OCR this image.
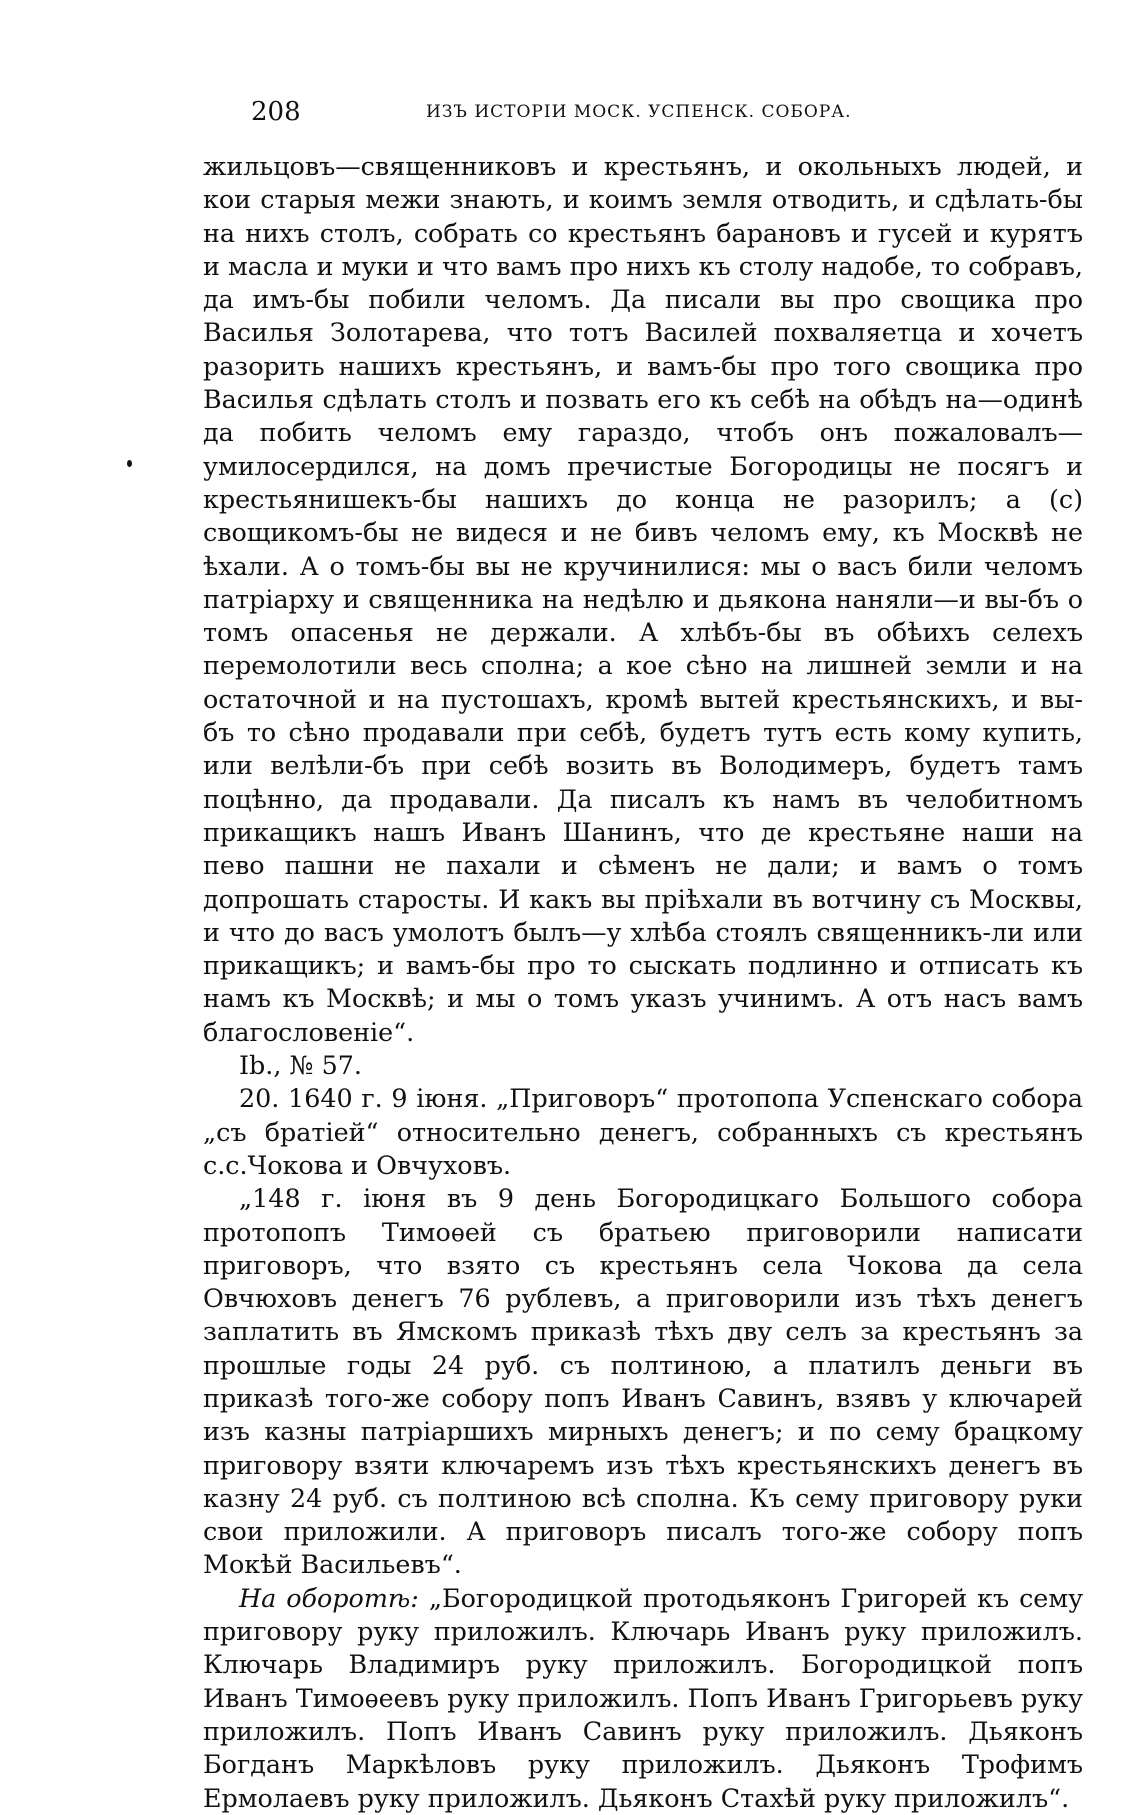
208	ИЗЪ ИСТОРІИ МОСК. УСПЕНСК. СОБОРА.

жильцовъ—священниковъ и крестьянъ, и окольныхъ людей, и кои старыя межи знають, и коимъ земля отводить, и сдѣлать-бы на нихъ столъ, собрать со крестьянъ барановъ и гусей и курятъ и масла и муки и что вамъ про нихъ къ столу надобе, то собравъ, да имъ-бы побили челомъ. Да писали вы про свощика про Василья Золотарева, что тотъ Василей похваляетца и хочетъ разорить нашихъ крестьянъ, и вамъ-бы про того свощика про Василья сдѣлать столъ и позвать его къ себѣ на обѣдъ на—одинѣ да побить челомъ ему гараздо, чтобъ онъ пожаловалъ—умилосердился, на домъ пречистые Богородицы не посягъ и крестьянишекъ-бы нашихъ до конца не разорилъ; а (с) свощикомъ-бы не видеся и не бивъ челомъ ему, къ Москвѣ не ѣхали. А о томъ-бы вы не кручинилися: мы о васъ били челомъ патріарху и священника на недѣлю и дьякона наняли—и вы-бъ о томъ опасенья не держали. А хлѣбъ-бы въ обѣихъ селехъ перемолотили весь сполна; а кое сѣно на лишней земли и на остаточной и на пустошахъ, кромѣ вытей крестьянскихъ, и вы-бъ то сѣно продавали при себѣ, будетъ тутъ есть кому купить, или велѣли-бъ при себѣ возить въ Володимеръ, будетъ тамъ поцѣнно, да продавали. Да писалъ къ намъ въ челобитномъ прикащикъ нашъ Иванъ Шанинъ, что де крестьяне наши на пево пашни не пахали и сѣменъ не дали; и вамъ о томъ допрошать старосты. И какъ вы прiѣхали въ вотчину съ Москвы, и что до васъ умолотъ былъ—у хлѣба стоялъ священникъ-ли или прикащикъ; и вамъ-бы про то сыскать подлинно и отписать къ намъ къ Москвѣ; и мы о томъ указъ учинимъ. А отъ насъ вамъ благословеніе“.

Ib., № 57.

20. 1640 г. 9 іюня. „Приговоръ“ протопопа Успенскаго собора „съ братіей“ относительно денегъ, собранныхъ съ крестьянъ с.с.Чокова и Овчуховъ.

„148 г. іюня въ 9 день Богородицкаго Большого собора протопопъ Тимоѳей съ братьею приговорили написати приговоръ, что взято съ крестьянъ села Чокова да села Овчюховъ денегъ 76 рублевъ, а приговорили изъ тѣхъ денегъ заплатить въ Ямскомъ приказѣ тѣхъ дву селъ за крестьянъ за прошлые годы 24 руб. съ полтиною, а платилъ деньги въ приказѣ того-же собору попъ Иванъ Савинъ, взявъ у ключарей изъ казны патріаршихъ мирныхъ денегъ; и по сему брацкому приговору взяти ключаремъ изъ тѣхъ крестьянскихъ денегъ въ казну 24 руб. съ полтиною всѣ сполна. Къ сему приговору руки свои приложили. А приговоръ писалъ того-же собору попъ Мокѣй Васильевъ“.

На оборотѣ: „Богородицкой протодьяконъ Григорей къ сему приговору руку приложилъ. Ключарь Иванъ руку приложилъ. Ключарь Владимиръ руку приложилъ. Богородицкой попъ Иванъ Тимоѳеевъ руку приложилъ. Попъ Иванъ Григорьевъ руку приложилъ. Попъ Иванъ Савинъ руку приложилъ. Дьяконъ Богданъ Маркѣловъ руку приложилъ. Дьяконъ Трофимъ Ермолаевъ руку приложилъ. Дьяконъ Стахѣй руку приложилъ“.
